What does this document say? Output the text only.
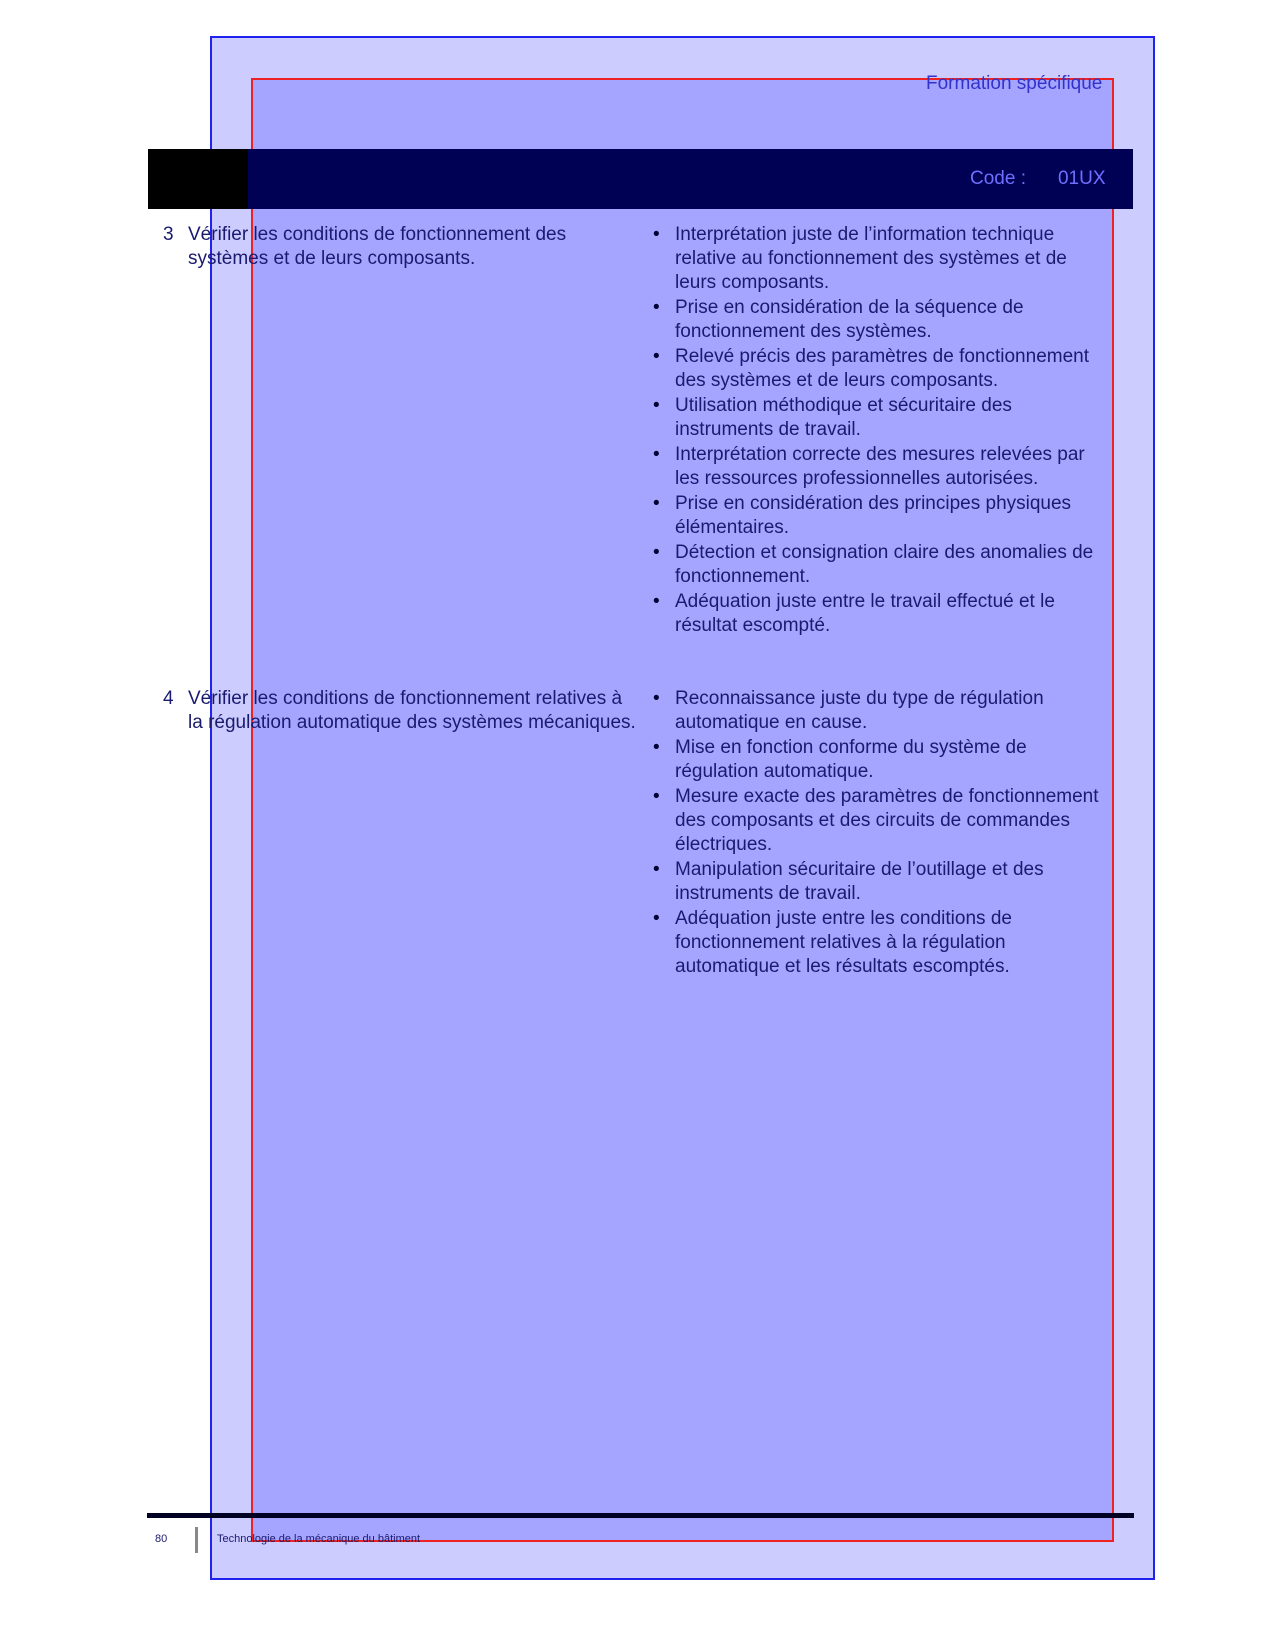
Formation spécifique
Code : 01UX
3 Vérifier les conditions de fonctionnement des systèmes et de leurs composants.
• Interprétation juste de l’information technique relative au fonctionnement des systèmes et de leurs composants.
• Prise en considération de la séquence de fonctionnement des systèmes.
• Relevé précis des paramètres de fonctionnement des systèmes et de leurs composants.
• Utilisation méthodique et sécuritaire des instruments de travail.
• Interprétation correcte des mesures relevées par les ressources professionnelles autorisées.
• Prise en considération des principes physiques élémentaires.
• Détection et consignation claire des anomalies de fonctionnement.
• Adéquation juste entre le travail effectué et le résultat escompté.
4 Vérifier les conditions de fonctionnement relatives à la régulation automatique des systèmes mécaniques.
• Reconnaissance juste du type de régulation automatique en cause.
• Mise en fonction conforme du système de régulation automatique.
• Mesure exacte des paramètres de fonctionnement des composants et des circuits de commandes électriques.
• Manipulation sécuritaire de l’outillage et des instruments de travail.
• Adéquation juste entre les conditions de fonctionnement relatives à la régulation automatique et les résultats escomptés.
80	Technologie de la mécanique du bâtiment
